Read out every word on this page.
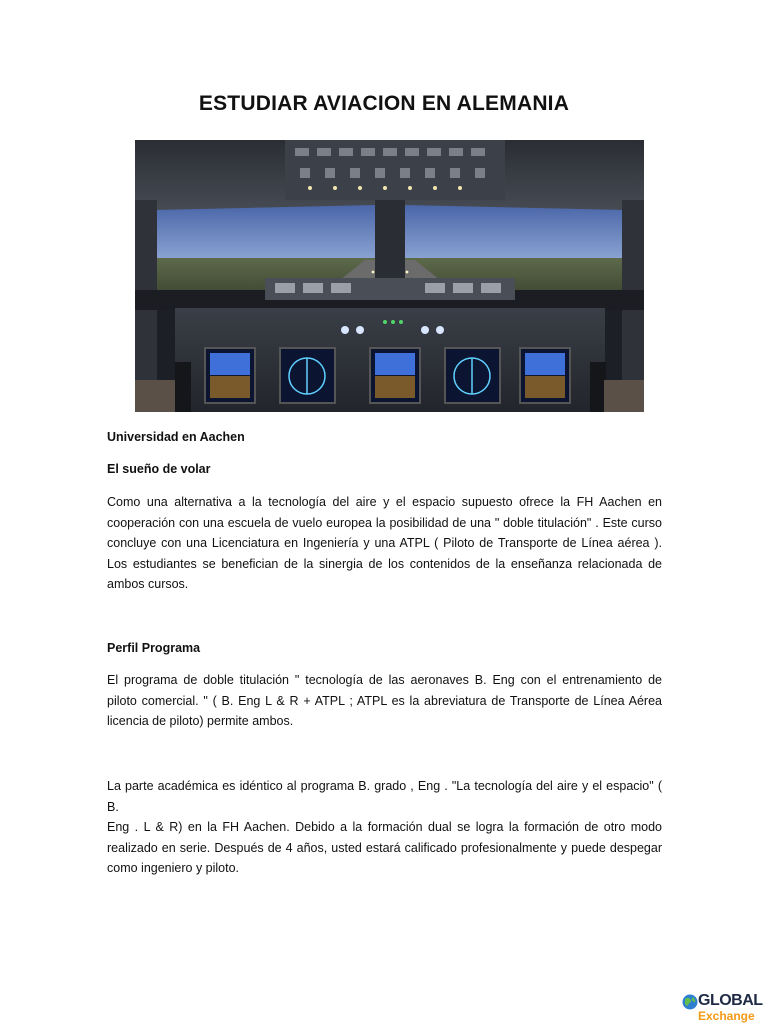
ESTUDIAR AVIACION EN ALEMANIA
Universidad en Aachen
El sueño de volar
Como una alternativa a la tecnología del aire y el espacio supuesto ofrece la FH Aachen en
cooperación con una escuela de vuelo europea la posibilidad de una " doble titulación" . Este curso
concluye con una Licenciatura en Ingeniería y una ATPL ( Piloto de Transporte de Línea aérea ).
Los estudiantes se benefician de la sinergia de los contenidos de la enseñanza relacionada de
ambos cursos.
Perfil Programa
El programa de doble titulación " tecnología de las aeronaves B. Eng con el entrenamiento de
piloto comercial. " ( B. Eng L & R + ATPL ; ATPL es la abreviatura de Transporte de Línea Aérea
licencia de piloto) permite ambos.
La parte académica es idéntico al programa B. grado , Eng . "La tecnología del aire y el espacio" ( B.
Eng . L & R) en la FH Aachen. Debido a la formación dual se logra la formación de otro modo
realizado en serie. Después de 4 años, usted estará calificado profesionalmente y puede despegar
como ingeniero y piloto.
GLOBAL
Exchange
